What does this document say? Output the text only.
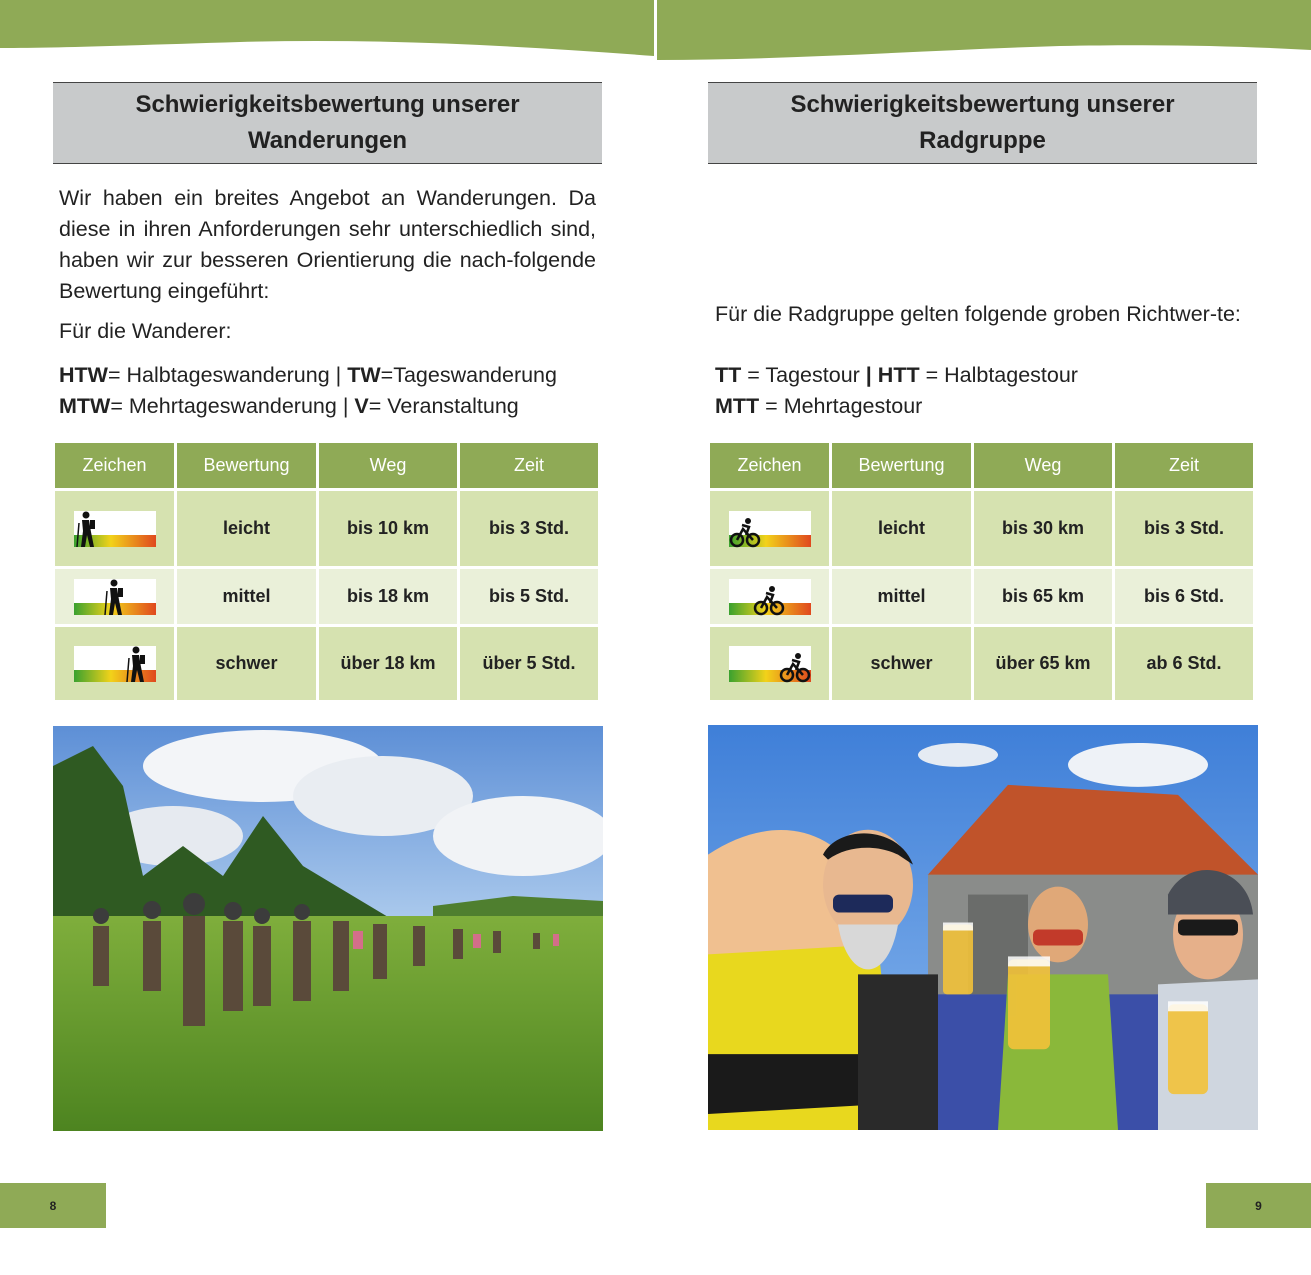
Schwierigkeitsbewertung unserer
Wanderungen
Wir haben ein breites Angebot an Wanderungen. Da diese in ihren Anforderungen sehr unterschiedlich sind, haben wir zur besseren Orientierung die nach-folgende Bewertung eingeführt:
Für die Wanderer:
HTW= Halbtageswanderung | TW=Tageswanderung
MTW= Mehrtageswanderung | V= Veranstaltung
Zeichen	Bewertung	Weg	Zeit
	leicht	bis 10 km	bis 3 Std.
	mittel	bis 18 km	bis 5 Std.
	schwer	über 18 km	über 5 Std.
8
Schwierigkeitsbewertung unserer
Radgruppe
Für die Radgruppe gelten folgende groben Richtwer-te:
TT = Tagestour | HTT = Halbtagestour
MTT = Mehrtagestour
Zeichen	Bewertung	Weg	Zeit
	leicht	bis 30 km	bis 3 Std.
	mittel	bis 65 km	bis 6 Std.
	schwer	über 65 km	ab 6 Std.
9
